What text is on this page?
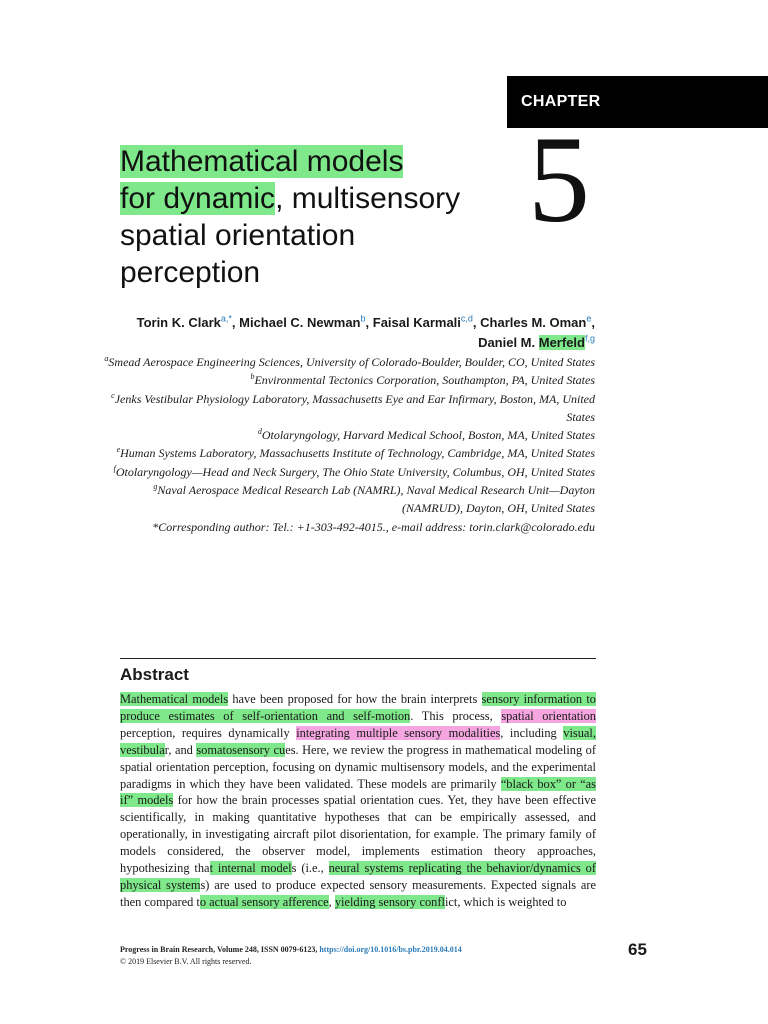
CHAPTER
5
Mathematical models
for dynamic, multisensory
spatial orientation
perception
Torin K. Clark$^{a,*}$, Michael C. Newman$^b$, Faisal Karmali$^{c,d}$, Charles M. Oman$^e$,
Daniel M. Merfeld$^{f,g}$
$^a$Smead Aerospace Engineering Sciences, University of Colorado-Boulder, Boulder, CO, United States
$^b$Environmental Tectonics Corporation, Southampton, PA, United States
$^c$Jenks Vestibular Physiology Laboratory, Massachusetts Eye and Ear Infirmary, Boston, MA, United States
$^d$Otolaryngology, Harvard Medical School, Boston, MA, United States
$^e$Human Systems Laboratory, Massachusetts Institute of Technology, Cambridge, MA, United States
$^f$Otolaryngology—Head and Neck Surgery, The Ohio State University, Columbus, OH, United States
$^g$Naval Aerospace Medical Research Lab (NAMRL), Naval Medical Research Unit—Dayton (NAMRUD), Dayton, OH, United States
*Corresponding author: Tel.: +1-303-492-4015., e-mail address: torin.clark@colorado.edu
Abstract
Mathematical models have been proposed for how the brain interprets sensory information to produce estimates of self-orientation and self-motion. This process, spatial orientation perception, requires dynamically integrating multiple sensory modalities, including visual, vestibular, and somatosensory cues. Here, we review the progress in mathematical modeling of spatial orientation perception, focusing on dynamic multisensory models, and the experimental paradigms in which they have been validated. These models are primarily “black box” or “as if” models for how the brain processes spatial orientation cues. Yet, they have been effective scientifically, in making quantitative hypotheses that can be empirically assessed, and operationally, in investigating aircraft pilot disorientation, for example. The primary family of models considered, the observer model, implements estimation theory approaches, hypothesizing that internal models (i.e., neural systems replicating the behavior/dynamics of physical systems) are used to produce expected sensory measurements. Expected signals are then compared to actual sensory afference, yielding sensory conflict, which is weighted to
Progress in Brain Research, Volume 248, ISSN 0079-6123, https://doi.org/10.1016/bs.pbr.2019.04.014
© 2019 Elsevier B.V. All rights reserved.
65
